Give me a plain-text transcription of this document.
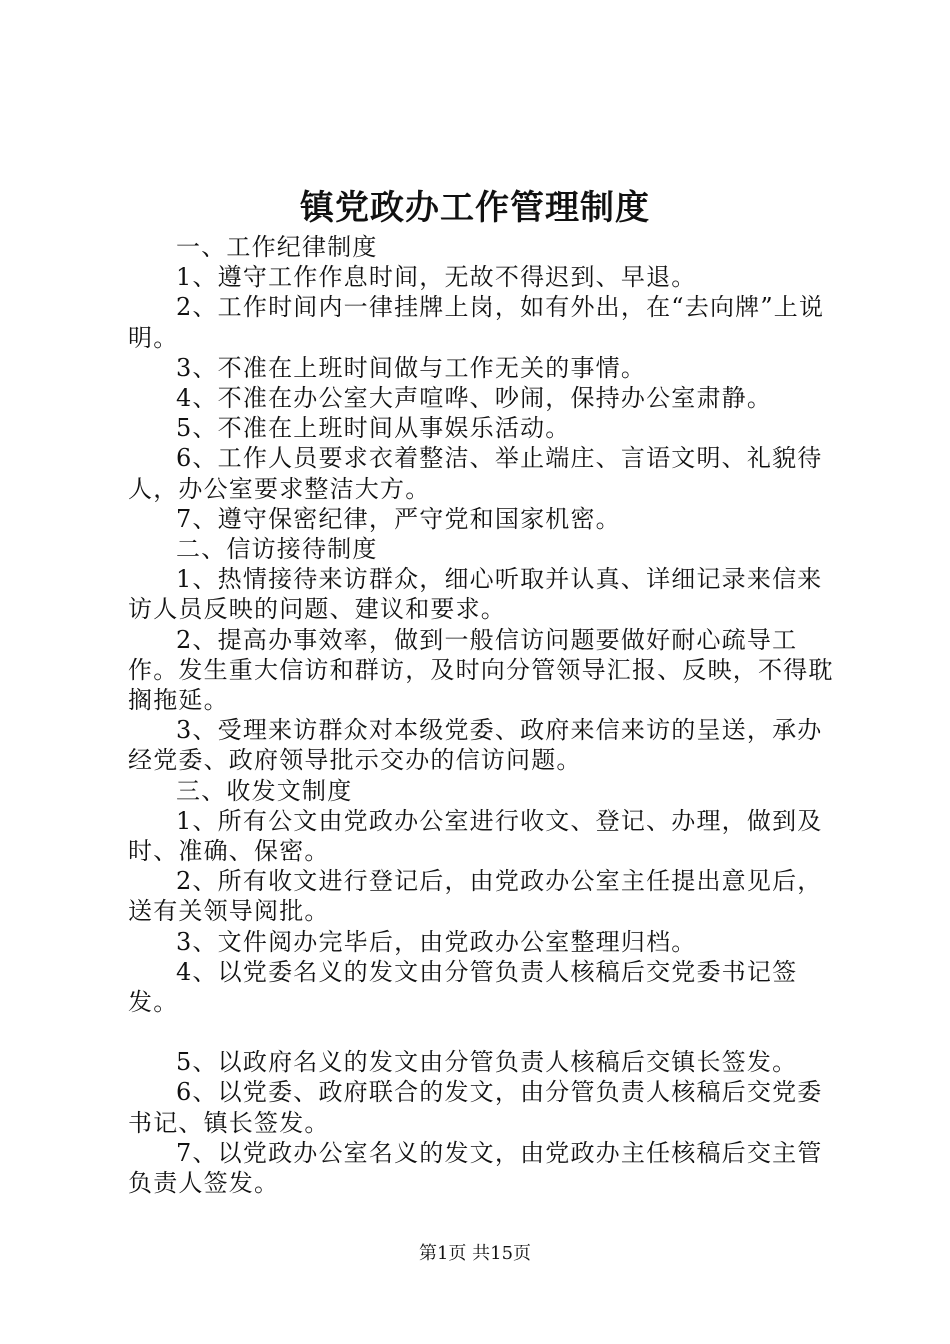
镇党政办工作管理制度

一、工作纪律制度

1、遵守工作作息时间，无故不得迟到、早退。

2、工作时间内一律挂牌上岗，如有外出，在“去向牌”上说明。

3、不准在上班时间做与工作无关的事情。

4、不准在办公室大声喧哗、吵闹，保持办公室肃静。

5、不准在上班时间从事娱乐活动。

6、工作人员要求衣着整洁、举止端庄、言语文明、礼貌待人，办公室要求整洁大方。

7、遵守保密纪律，严守党和国家机密。

二、信访接待制度

1、热情接待来访群众，细心听取并认真、详细记录来信来访人员反映的问题、建议和要求。

2、提高办事效率，做到一般信访问题要做好耐心疏导工作。发生重大信访和群访，及时向分管领导汇报、反映，不得耽搁拖延。

3、受理来访群众对本级党委、政府来信来访的呈送，承办经党委、政府领导批示交办的信访问题。

三、收发文制度

1、所有公文由党政办公室进行收文、登记、办理，做到及时、准确、保密。

2、所有收文进行登记后，由党政办公室主任提出意见后，送有关领导阅批。

3、文件阅办完毕后，由党政办公室整理归档。

4、以党委名义的发文由分管负责人核稿后交党委书记签发。

5、以政府名义的发文由分管负责人核稿后交镇长签发。

6、以党委、政府联合的发文，由分管负责人核稿后交党委书记、镇长签发。

7、以党政办公室名义的发文，由党政办主任核稿后交主管负责人签发。

第1页 共15页
